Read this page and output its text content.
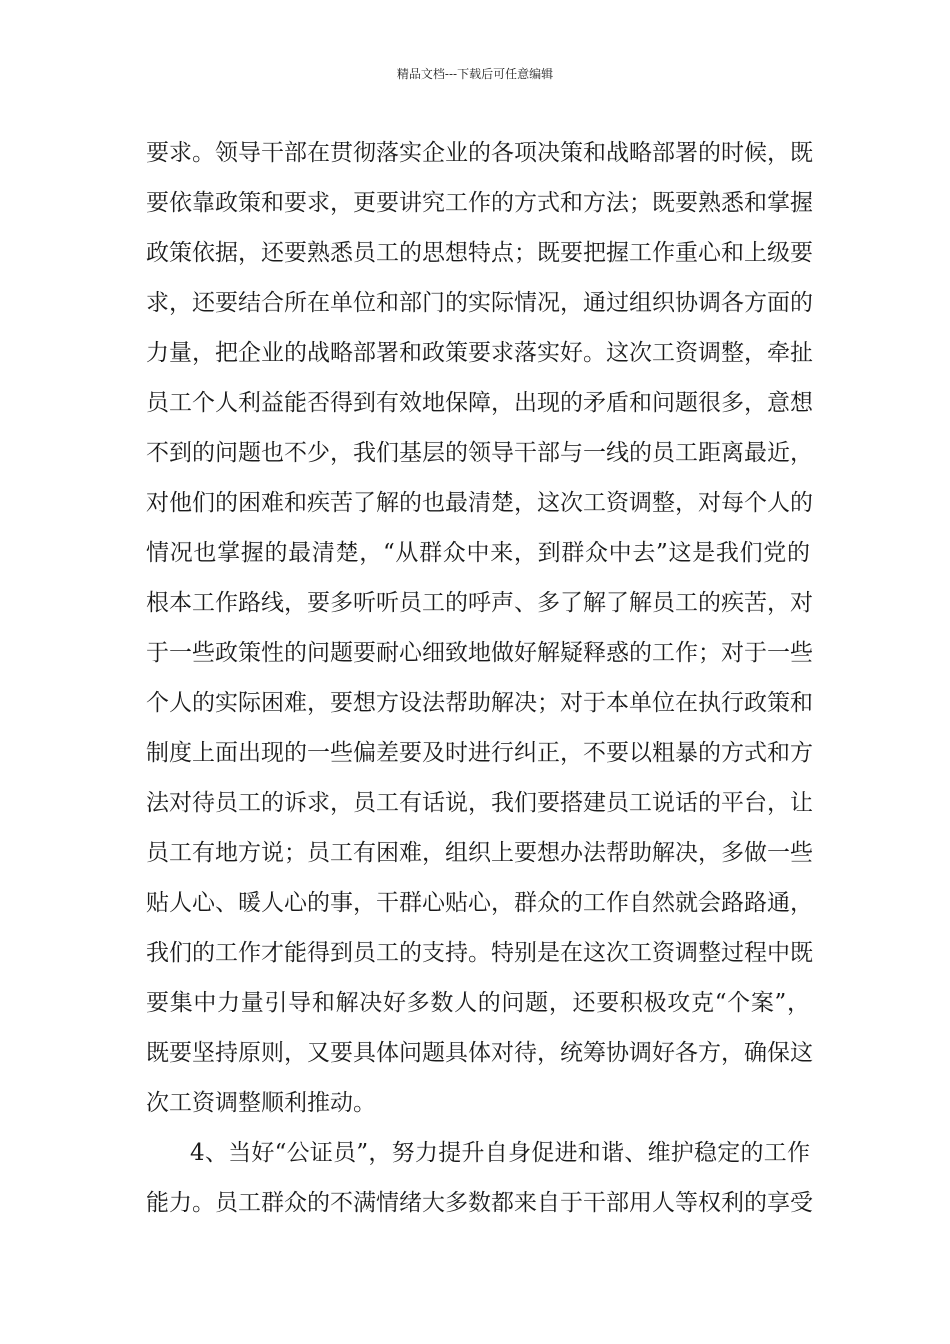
精品文档---下载后可任意编辑
要求。领导干部在贯彻落实企业的各项决策和战略部署的时候，既
要依靠政策和要求，更要讲究工作的方式和方法；既要熟悉和掌握
政策依据，还要熟悉员工的思想特点；既要把握工作重心和上级要
求，还要结合所在单位和部门的实际情况，通过组织协调各方面的
力量，把企业的战略部署和政策要求落实好。这次工资调整，牵扯
员工个人利益能否得到有效地保障，出现的矛盾和问题很多，意想
不到的问题也不少，我们基层的领导干部与一线的员工距离最近，
对他们的困难和疾苦了解的也最清楚，这次工资调整，对每个人的
情况也掌握的最清楚，“从群众中来，到群众中去”这是我们党的
根本工作路线，要多听听员工的呼声、多了解了解员工的疾苦，对
于一些政策性的问题要耐心细致地做好解疑释惑的工作；对于一些
个人的实际困难，要想方设法帮助解决；对于本单位在执行政策和
制度上面出现的一些偏差要及时进行纠正，不要以粗暴的方式和方
法对待员工的诉求，员工有话说，我们要搭建员工说话的平台，让
员工有地方说；员工有困难，组织上要想办法帮助解决，多做一些
贴人心、暖人心的事，干群心贴心，群众的工作自然就会路路通，
我们的工作才能得到员工的支持。特别是在这次工资调整过程中既
要集中力量引导和解决好多数人的问题，还要积极攻克“个案”，
既要坚持原则，又要具体问题具体对待，统筹协调好各方，确保这
次工资调整顺利推动。
4、当好“公证员”，努力提升自身促进和谐、维护稳定的工作
能力。员工群众的不满情绪大多数都来自于干部用人等权利的享受
